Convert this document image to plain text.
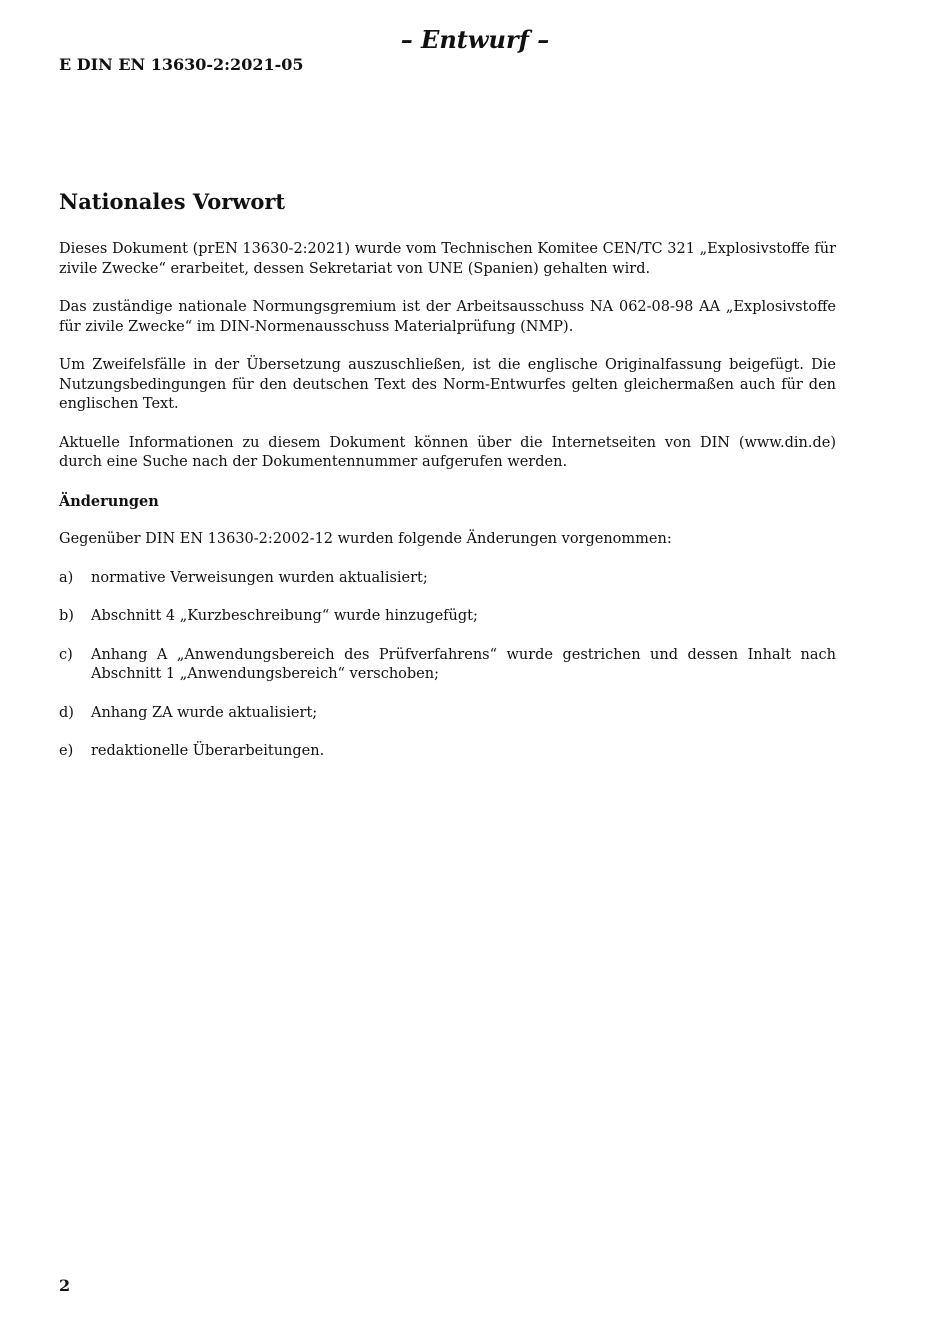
– Entwurf –
E DIN EN 13630-2:2021-05
Nationales Vorwort

Dieses Dokument (prEN 13630-2:2021) wurde vom Technischen Komitee CEN/TC 321 „Explosivstoffe für zivile Zwecke“ erarbeitet, dessen Sekretariat von UNE (Spanien) gehalten wird.

Das zuständige nationale Normungsgremium ist der Arbeitsausschuss NA 062-08-98 AA „Explosivstoffe für zivile Zwecke“ im DIN-Normenausschuss Materialprüfung (NMP).

Um Zweifelsfälle in der Übersetzung auszuschließen, ist die englische Originalfassung beigefügt. Die Nutzungsbedingungen für den deutschen Text des Norm-Entwurfes gelten gleichermaßen auch für den englischen Text.

Aktuelle Informationen zu diesem Dokument können über die Internetseiten von DIN (www.din.de) durch eine Suche nach der Dokumentennummer aufgerufen werden.

Änderungen

Gegenüber DIN EN 13630-2:2002-12 wurden folgende Änderungen vorgenommen:

a)	normative Verweisungen wurden aktualisiert;
b)	Abschnitt 4 „Kurzbeschreibung“ wurde hinzugefügt;
c)	Anhang A „Anwendungsbereich des Prüfverfahrens“ wurde gestrichen und dessen Inhalt nach Abschnitt 1 „Anwendungsbereich“ verschoben;
d)	Anhang ZA wurde aktualisiert;
e)	redaktionelle Überarbeitungen.
2
